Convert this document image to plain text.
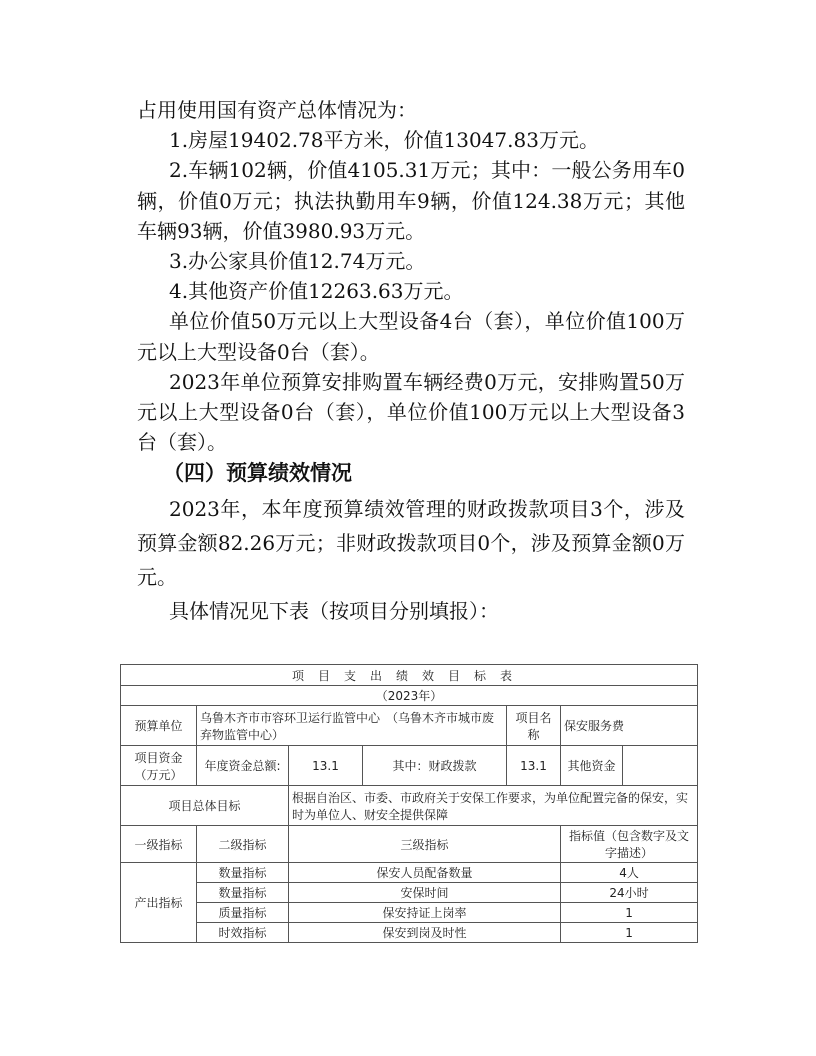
占用使用国有资产总体情况为：

1.房屋19402.78平方米，价值13047.83万元。

2.车辆102辆，价值4105.31万元；其中：一般公务用车0辆，价值0万元；执法执勤用车9辆，价值124.38万元；其他车辆93辆，价值3980.93万元。

3.办公家具价值12.74万元。

4.其他资产价值12263.63万元。

单位价值50万元以上大型设备4台（套），单位价值100万元以上大型设备0台（套）。

2023年单位预算安排购置车辆经费0万元，安排购置50万元以上大型设备0台（套），单位价值100万元以上大型设备3台（套）。

（四）预算绩效情况

2023年，本年度预算绩效管理的财政拨款项目3个，涉及预算金额82.26万元；非财政拨款项目0个，涉及预算金额0万元。

具体情况见下表（按项目分别填报）：

项目支出绩效目标表						
（2023年）						
预算单位	乌鲁木齐市市容环卫运行监管中心　（乌鲁木齐市城市废弃物监管中心）			项目名称	保安服务费	
项目资金（万元）	年度资金总额:	13.1	其中：财政拨款	13.1	其他资金	
项目总体目标		根据自治区、市委、市政府关于安保工作要求，为单位配置完备的保安，实时为单位人、财安全提供保障				
一级指标	二级指标	三级指标			指标值（包含数字及文字描述）	
产出指标	数量指标	保安人员配备数量			4人	
	数量指标	安保时间			24小时	
	质量指标	保安持证上岗率			1	
	时效指标	保安到岗及时性			1	
